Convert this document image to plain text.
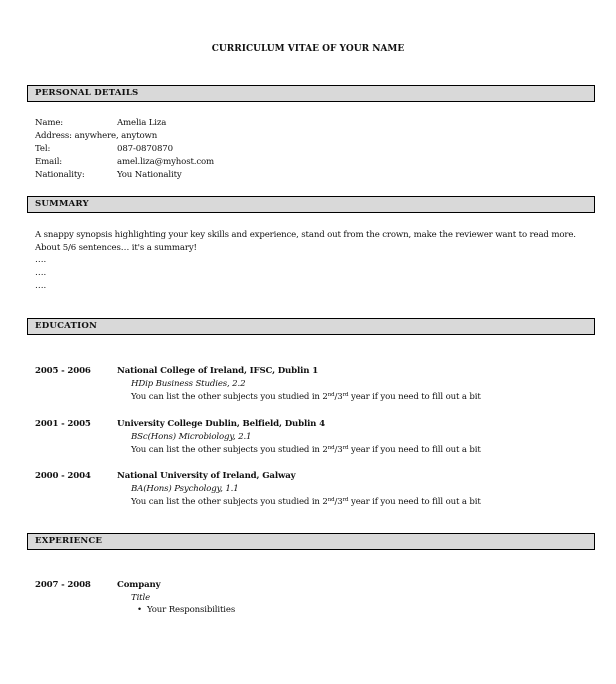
CURRICULUM VITAE OF YOUR NAME
PERSONAL DETAILS
Name:	Amelia Liza
Address: anywhere, anytown
Tel:	087-0870870
Email:	amel.liza@myhost.com
Nationality:	You Nationality
SUMMARY
A snappy synopsis highlighting your key skills and experience, stand out from the crown, make the reviewer want to read more. About 5/6 sentences… it's a summary!
….
….
….
EDUCATION
2005 - 2006	National College of Ireland, IFSC, Dublin 1
HDip Business Studies, 2.2
You can list the other subjects you studied in 2nd/3rd year if you need to fill out a bit
2001 - 2005	University College Dublin, Belfield, Dublin 4
BSc(Hons) Microbiology, 2.1
You can list the other subjects you studied in 2nd/3rd year if you need to fill out a bit
2000 - 2004	National University of Ireland, Galway
BA(Hons) Psychology, 1.1
You can list the other subjects you studied in 2nd/3rd year if you need to fill out a bit
EXPERIENCE
2007 - 2008	Company
Title
• Your Responsibilities
